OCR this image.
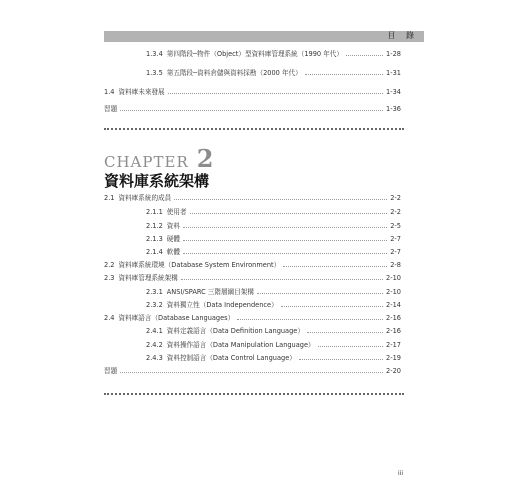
目 錄
1.3.4 第四階段─物件（Object）型資料庫管理系統（1990 年代）	1-28
1.3.5 第五階段─資料倉儲與資料採勘（2000 年代）	1-31
1.4 資料庫未來發展	1-34
習題	1-36
CHAPTER 2
資料庫系統架構
2.1 資料庫系統的成員	2-2
2.1.1 使用者	2-2
2.1.2 資料	2-5
2.1.3 硬體	2-7
2.1.4 軟體	2-7
2.2 資料庫系統環境（Database System Environment）	2-8
2.3 資料庫管理系統架構	2-10
2.3.1 ANSI/SPARC 三階層綱目架構	2-10
2.3.2 資料獨立性（Data Independence）	2-14
2.4 資料庫語言（Database Languages）	2-16
2.4.1 資料定義語言（Data Definition Language）	2-16
2.4.2 資料操作語言（Data Manipulation Language）	2-17
2.4.3 資料控制語言（Data Control Language）	2-19
習題	2-20
iii
